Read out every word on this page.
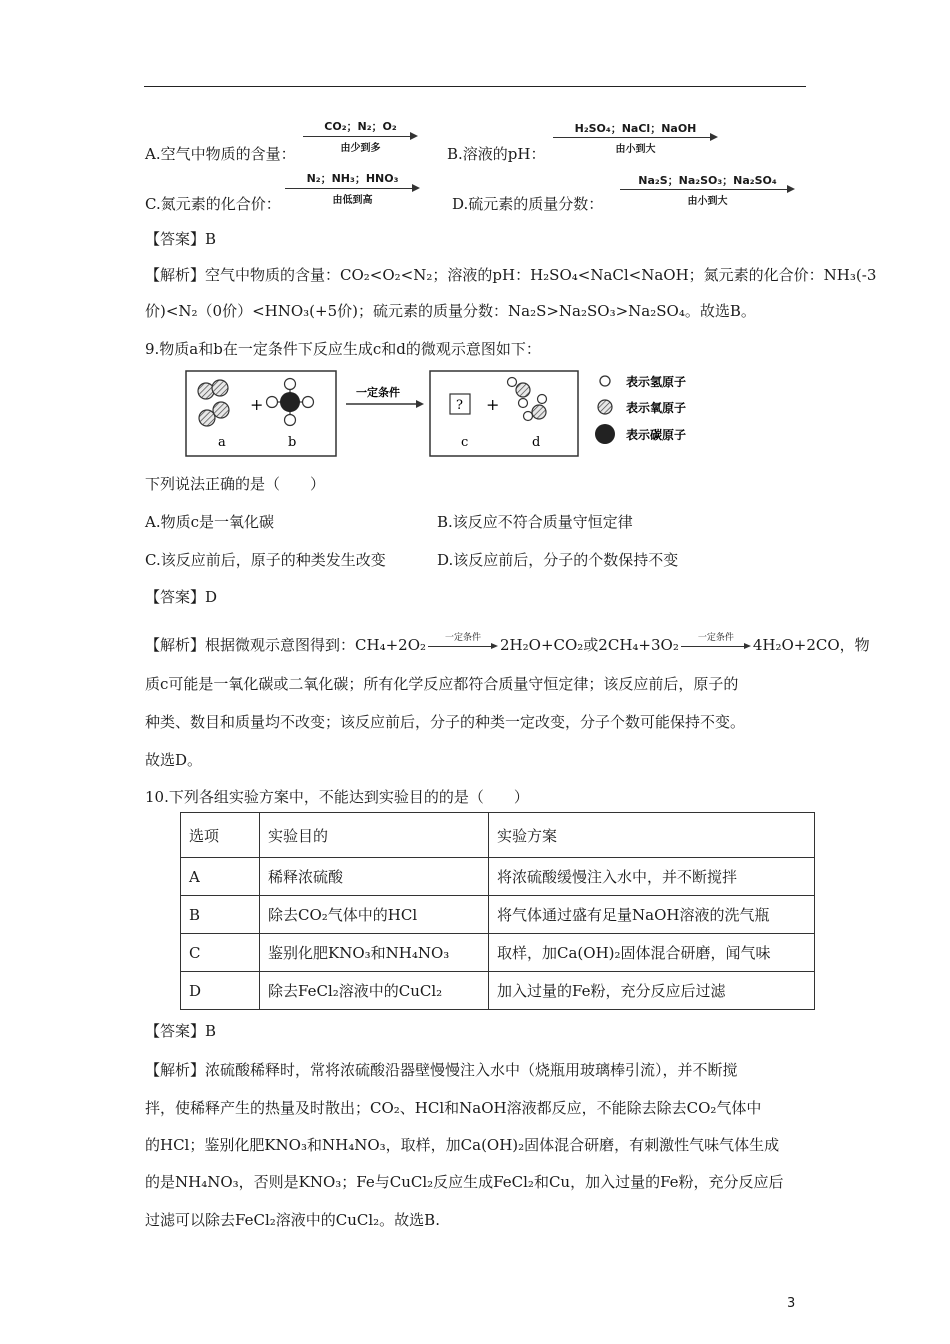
A.空气中物质的含量：
CO₂；N₂；O₂
由少到多	B.溶液的pH：
H₂SO₄；NaCl；NaOH
由小到大
C.氮元素的化合价：
N₂；NH₃；HNO₃
由低到高	D.硫元素的质量分数：
Na₂S；Na₂SO₃；Na₂SO₄
由小到大
【答案】B
【解析】空气中物质的含量：CO₂<O₂<N₂；溶液的pH：H₂SO₄<NaCl<NaOH；氮元素的化合价：NH₃(-3
价)<N₂（0价）<HNO₃(+5价)；硫元素的质量分数：Na₂S>Na₂SO₃>Na₂SO₄。故选B。
9.物质a和b在一定条件下反应生成c和d的微观示意图如下：
+
a	b
一定条件
? +
c	d
表示氢原子
表示氧原子
表示碳原子
下列说法正确的是（　　）
A.物质c是一氧化碳	B.该反应不符合质量守恒定律
C.该反应前后，原子的种类发生改变	D.该反应前后，分子的个数保持不变
【答案】D
【解析】根据微观示意图得到：CH₄+2O₂	一定条件	2H₂O+CO₂或2CH₄+3O₂	一定条件	4H₂O+2CO，物
质c可能是一氧化碳或二氧化碳；所有化学反应都符合质量守恒定律；该反应前后，原子的
种类、数目和质量均不改变；该反应前后，分子的种类一定改变，分子个数可能保持不变。
故选D。
10.下列各组实验方案中，不能达到实验目的的是（　　）
选项	实验目的	实验方案
A	稀释浓硫酸	将浓硫酸缓慢注入水中，并不断搅拌
B	除去CO₂气体中的HCl	将气体通过盛有足量NaOH溶液的洗气瓶
C	鉴别化肥KNO₃和NH₄NO₃	取样，加Ca(OH)₂固体混合研磨，闻气味
D	除去FeCl₂溶液中的CuCl₂	加入过量的Fe粉，充分反应后过滤
【答案】B
【解析】浓硫酸稀释时，常将浓硫酸沿器壁慢慢注入水中（烧瓶用玻璃棒引流），并不断搅
拌，使稀释产生的热量及时散出；CO₂、HCl和NaOH溶液都反应，不能除去除去CO₂气体中
的HCl；鉴别化肥KNO₃和NH₄NO₃，取样，加Ca(OH)₂固体混合研磨，有刺激性气味气体生成
的是NH₄NO₃，否则是KNO₃；Fe与CuCl₂反应生成FeCl₂和Cu，加入过量的Fe粉，充分反应后
过滤可以除去FeCl₂溶液中的CuCl₂。故选B.
3
